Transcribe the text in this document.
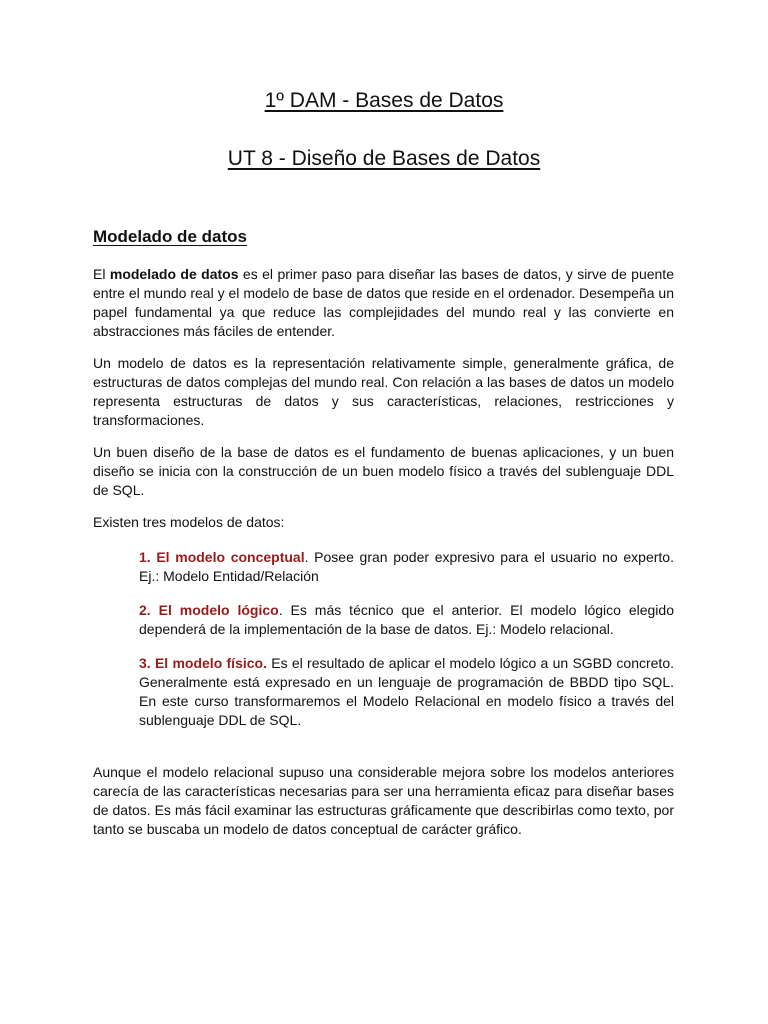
1º DAM - Bases de Datos
UT 8 - Diseño de Bases de Datos
Modelado de datos

El modelado de datos es el primer paso para diseñar las bases de datos, y sirve de puente entre el mundo real y el modelo de base de datos que reside en el ordenador. Desempeña un papel fundamental ya que reduce las complejidades del mundo real y las convierte en abstracciones más fáciles de entender.

Un modelo de datos es la representación relativamente simple, generalmente gráfica, de estructuras de datos complejas del mundo real. Con relación a las bases de datos un modelo representa estructuras de datos y sus características, relaciones, restricciones y transformaciones.

Un buen diseño de la base de datos es el fundamento de buenas aplicaciones, y un buen diseño se inicia con la construcción de un buen modelo físico a través del sublenguaje DDL de SQL.

Existen tres modelos de datos:

1. El modelo conceptual. Posee gran poder expresivo para el usuario no experto. Ej.: Modelo Entidad/Relación

2. El modelo lógico. Es más técnico que el anterior. El modelo lógico elegido dependerá de la implementación de la base de datos. Ej.: Modelo relacional.

3. El modelo físico. Es el resultado de aplicar el modelo lógico a un SGBD concreto. Generalmente está expresado en un lenguaje de programación de BBDD tipo SQL. En este curso transformaremos el Modelo Relacional en modelo físico a través del sublenguaje DDL de SQL.

Aunque el modelo relacional supuso una considerable mejora sobre los modelos anteriores carecía de las características necesarias para ser una herramienta eficaz para diseñar bases de datos. Es más fácil examinar las estructuras gráficamente que describirlas como texto, por tanto se buscaba un modelo de datos conceptual de carácter gráfico.
